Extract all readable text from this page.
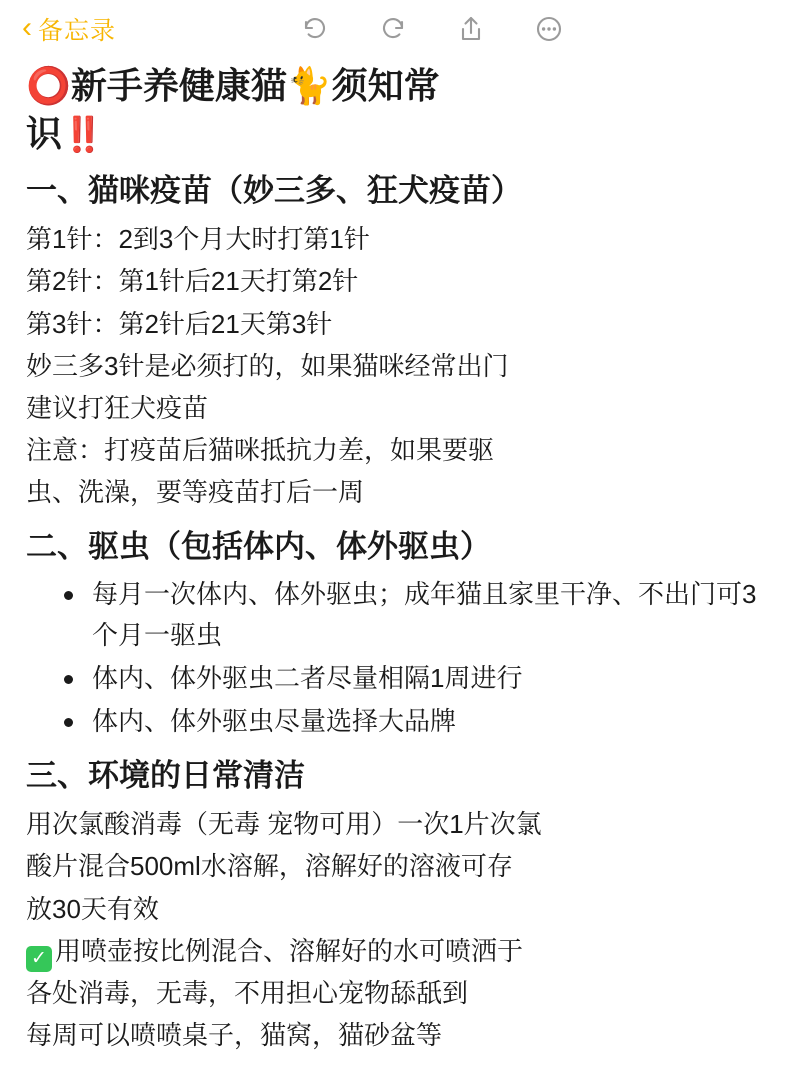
‹ 备忘录
⭕新手养健康猫🐈须知常
识‼️
一、猫咪疫苗（妙三多、狂犬疫苗）

第1针：2到3个月大时打第1针

第2针：第1针后21天打第2针

第3针：第2针后21天第3针

妙三多3针是必须打的，如果猫咪经常出门

建议打狂犬疫苗

注意：打疫苗后猫咪抵抗力差，如果要驱

虫、洗澡，要等疫苗打后一周

二、驱虫（包括体内、体外驱虫）
每月一次体内、体外驱虫；成年猫且家里干净、不出门可3个月一驱虫
体内、体外驱虫二者尽量相隔1周进行
体内、体外驱虫尽量选择大品牌
三、环境的日常清洁

用次氯酸消毒（无毒 宠物可用）一次1片次氯

酸片混合500ml水溶解，溶解好的溶液可存

放30天有效

✓ 用喷壶按比例混合、溶解好的水可喷洒于

各处消毒，无毒，不用担心宠物舔舐到

每周可以喷喷桌子，猫窝，猫砂盆等
